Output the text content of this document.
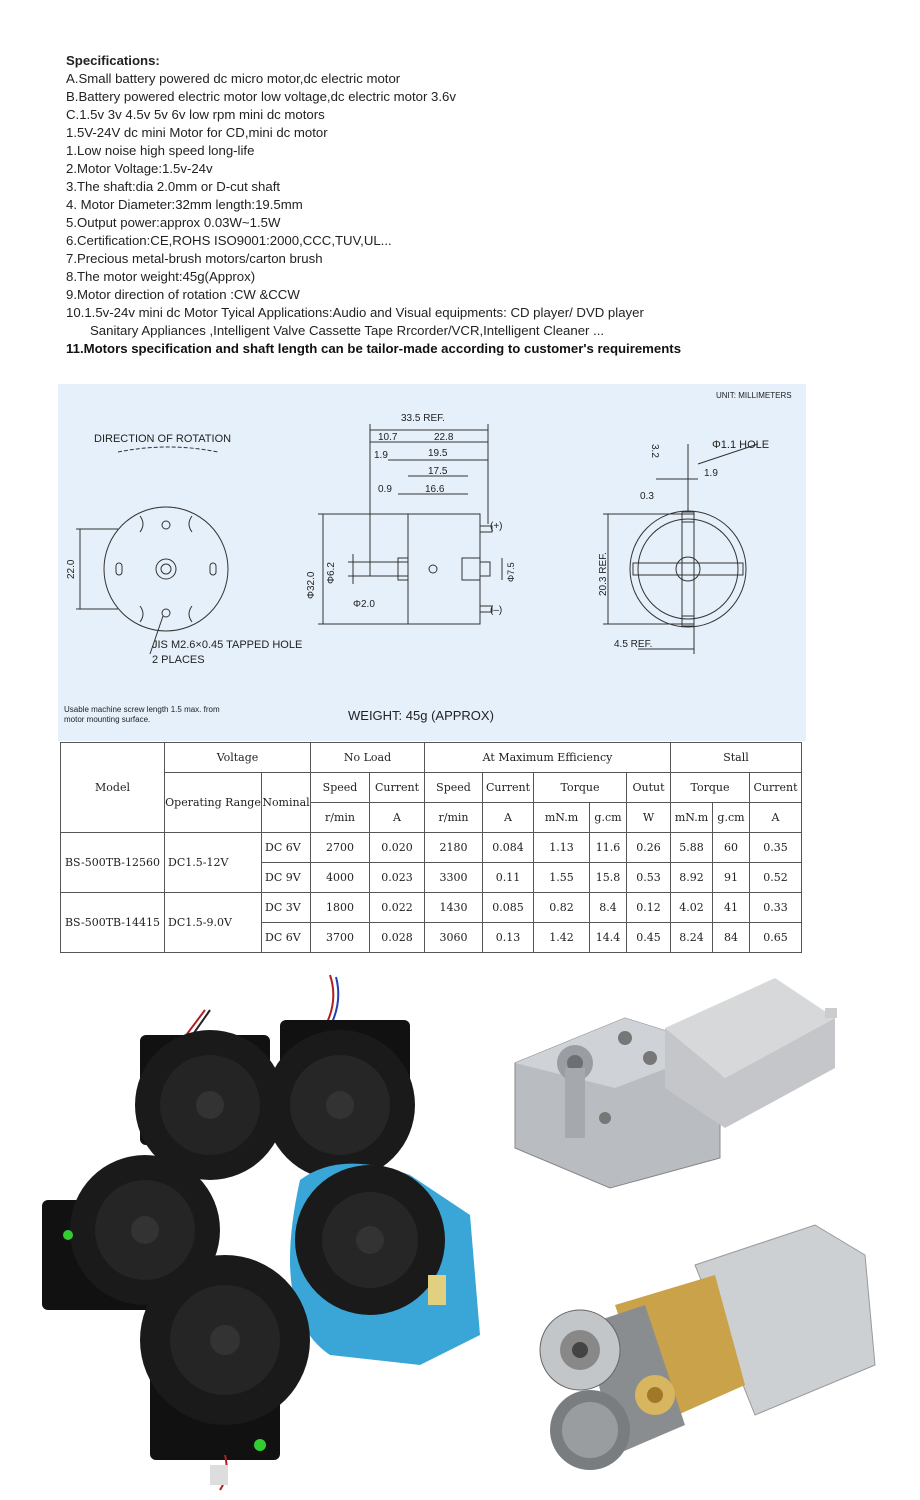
Specifications:
A.Small battery powered dc micro motor,dc electric motor
B.Battery powered electric motor low voltage,dc electric motor 3.6v
C.1.5v 3v 4.5v 5v 6v low rpm mini dc motors
1.5V-24V dc mini Motor for CD,mini dc motor
1.Low noise high speed long-life
2.Motor Voltage:1.5v-24v
3.The shaft:dia 2.0mm or D-cut shaft
4. Motor Diameter:32mm length:19.5mm
5.Output power:approx 0.03W~1.5W
6.Certification:CE,ROHS ISO9001:2000,CCC,TUV,UL...
7.Precious metal-brush motors/carton brush
8.The motor weight:45g(Approx)
9.Motor direction of rotation :CW &CCW
10.1.5v-24v mini dc Motor Tyical Applications:Audio and Visual equipments: CD player/ DVD player
Sanitary Appliances ,Intelligent Valve Cassette Tape Rrcorder/VCR,Intelligent Cleaner ...
11.Motors specification and shaft length can be tailor-made according to customer's requirements
UNIT: MILLIMETERS
DIRECTION OF ROTATION
22.0
JIS M2.6×0.45 TAPPED HOLE
2 PLACES
33.5 REF.
10.7	22.8
1.9	19.5
17.5
0.9	16.6
Φ32.0 Φ6.2
Φ2.0
Φ7.5
(+)
(–)
3.2	Φ1.1 HOLE
1.9
0.3
20.3 REF.
4.5 REF.
Usable machine screw length 1.5 max. from
motor mounting surface.	WEIGHT: 45g (APPROX)
Model	Voltage		No Load		At Maximum Efficiency					Stall		
	Operating Range	Nominal	Speed	Current	Speed	Current	Torque		Outut	Torque		Current
			r/min	A	r/min	A	mN.m	g.cm	W	mN.m	g.cm	A
BS-500TB-12560	DC1.5-12V	DC 6V	2700	0.020	2180	0.084	1.13	11.6	0.26	5.88	60	0.35
		DC 9V	4000	0.023	3300	0.11	1.55	15.8	0.53	8.92	91	0.52
BS-500TB-14415	DC1.5-9.0V	DC 3V	1800	0.022	1430	0.085	0.82	8.4	0.12	4.02	41	0.33
		DC 6V	3700	0.028	3060	0.13	1.42	14.4	0.45	8.24	84	0.65
